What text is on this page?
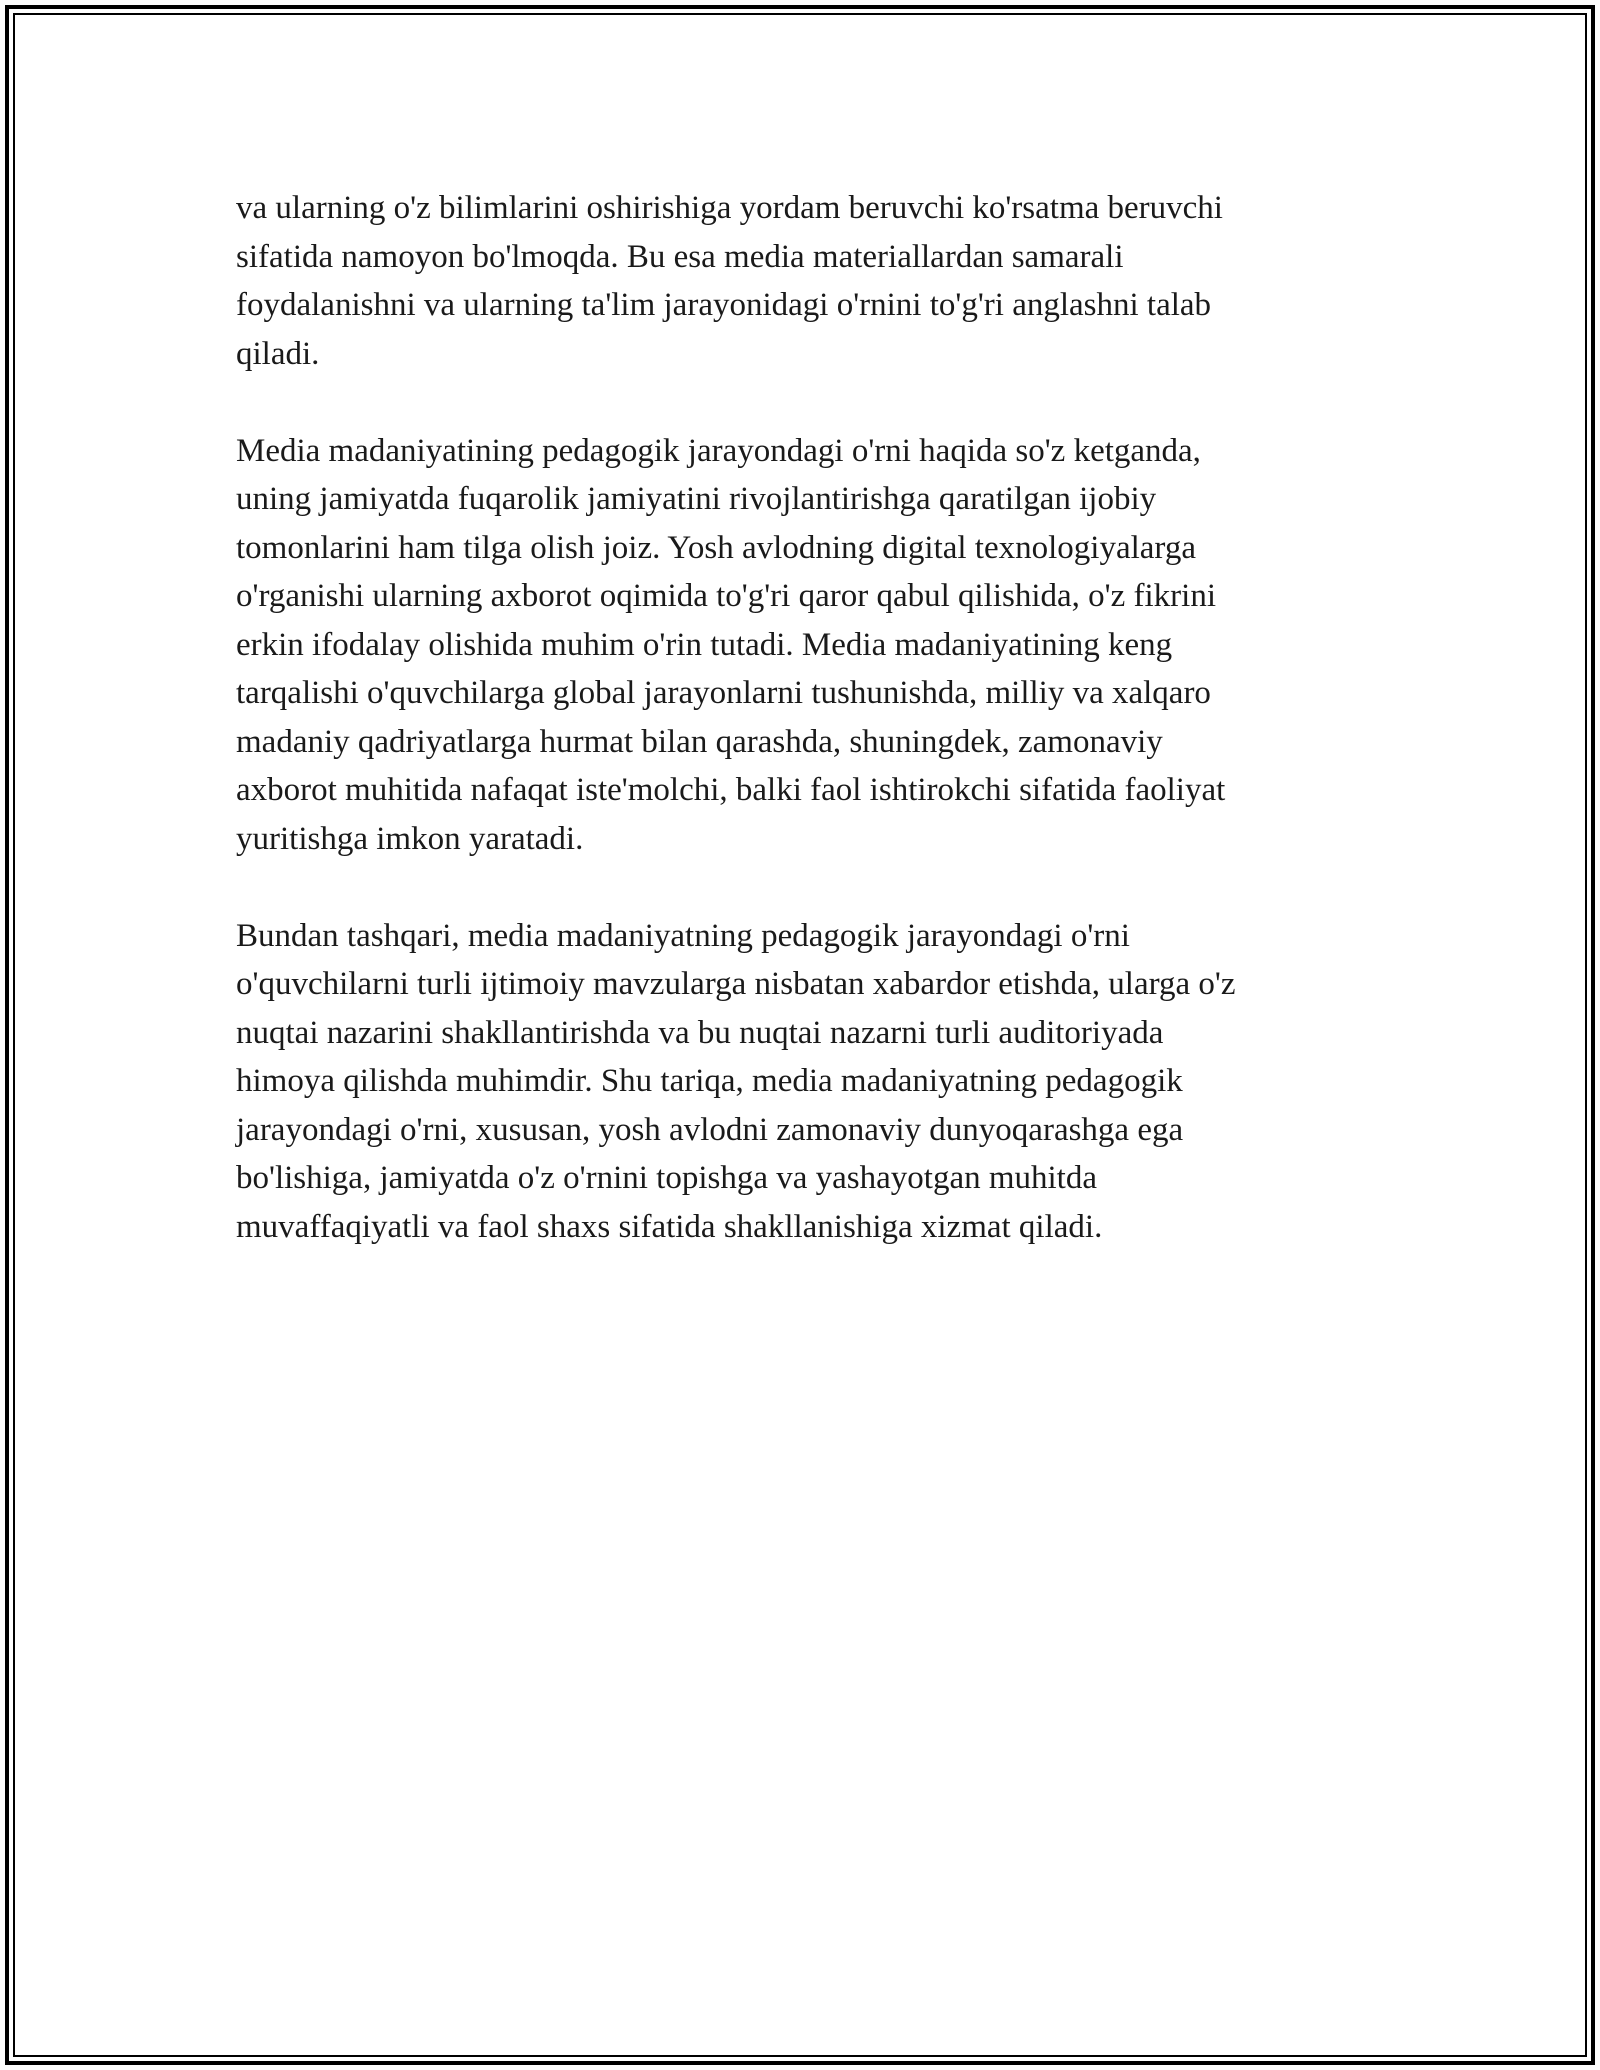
va ularning o'z bilimlarini oshirishiga yordam beruvchi ko'rsatma beruvchi
sifatida namoyon bo'lmoqda. Bu esa media materiallardan samarali
foydalanishni va ularning ta'lim jarayonidagi o'rnini to'g'ri anglashni talab
qiladi.

Media madaniyatining pedagogik jarayondagi o'rni haqida so'z ketganda,
uning jamiyatda fuqarolik jamiyatini rivojlantirishga qaratilgan ijobiy
tomonlarini ham tilga olish joiz. Yosh avlodning digital texnologiyalarga
o'rganishi ularning axborot oqimida to'g'ri qaror qabul qilishida, o'z fikrini
erkin ifodalay olishida muhim o'rin tutadi. Media madaniyatining keng
tarqalishi o'quvchilarga global jarayonlarni tushunishda, milliy va xalqaro
madaniy qadriyatlarga hurmat bilan qarashda, shuningdek, zamonaviy
axborot muhitida nafaqat iste'molchi, balki faol ishtirokchi sifatida faoliyat
yuritishga imkon yaratadi.

Bundan tashqari, media madaniyatning pedagogik jarayondagi o'rni
o'quvchilarni turli ijtimoiy mavzularga nisbatan xabardor etishda, ularga o'z
nuqtai nazarini shakllantirishda va bu nuqtai nazarni turli auditoriyada
himoya qilishda muhimdir. Shu tariqa, media madaniyatning pedagogik
jarayondagi o'rni, xususan, yosh avlodni zamonaviy dunyoqarashga ega
bo'lishiga, jamiyatda o'z o'rnini topishga va yashayotgan muhitda
muvaffaqiyatli va faol shaxs sifatida shakllanishiga xizmat qiladi.
